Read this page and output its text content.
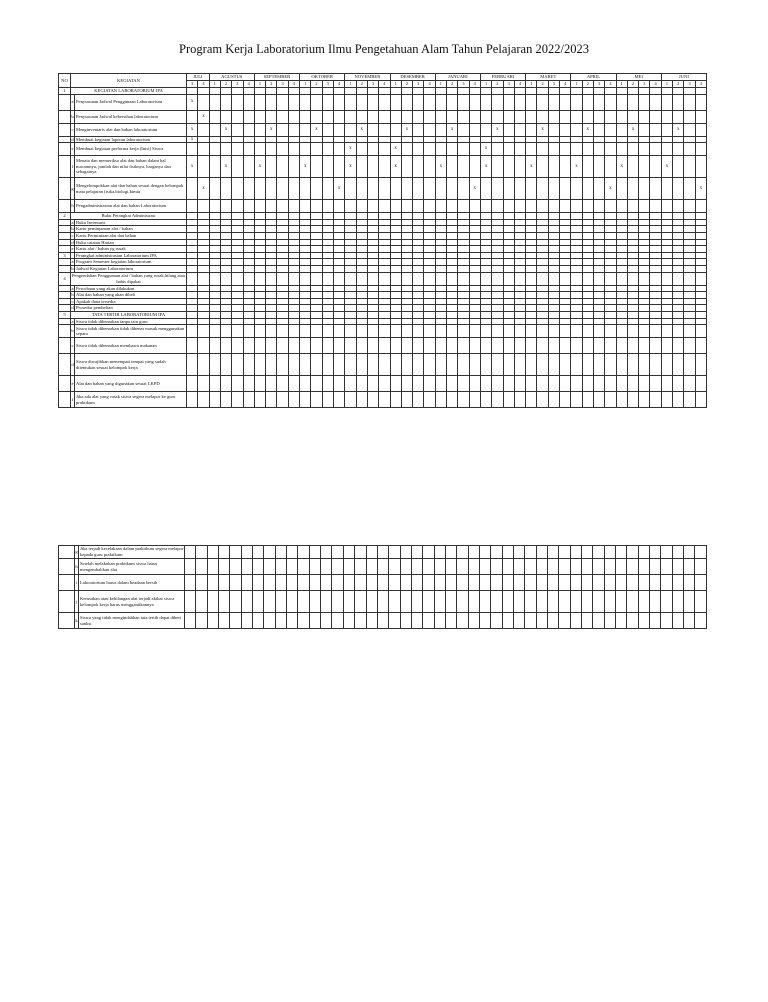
Program Kerja Laboratorium Ilmu Pengetahuan Alam Tahun Pelajaran 2022/2023
NO	KEGIATAN		JULI		AGUSTUS				SEPTEMBER				OKTOBER				NOVEMBER				DESEMBER				JANUARI				FEBRUARI				MARET				APRIL				MEI				JUNI			
			3	4	1	2	3	4	1	2	3	4	1	2	3	4	1	2	3	4	1	2	3	4	1	2	3	4	1	2	3	4	1	2	3	4	1	2	3	4	1	2	3	4	1	2	3	4
1	KEGIATAN LABORATORIUM IPA																																															
	a	Penyusunan Jadwal Penggunaan Laboratorium	x																																													
	b	Penyusunan Jadwal kebersihan laboratorium		x																																												
	c	Menginventaris alat dan bahan laboratorium	x			x				x				x				x				x				x				x				x				x				x				x		
	d	Membuat kegiatan laporan laboratorium	x																																													
	e	Membuat kegiatan performa kerja (Inisi) Siswa															x				x								x																			
	f	Menata dan memeriksa alat dan bahan dalam hal macamnya, jumlah dan nilai fisiknya, harganya dan sebagainya	x			x			x				x				x				x				x				x				x				x				x				x			
	g	Mengelompokkan alat dan bahan sesuai dengan kelompok mata pelajaran fisika,biologi,kimia		x												x												x												x								x
	h	Pengadministrasian alat dan bahan Laboratorium																																														
2	Buku Perangkat Administrasi																																															
	a	Buku Inventaris																																														
	b	Kartu peminjaman alat / bahan																																														
	c	Kartu Permintaan alat dan bahan																																														
	d	Buku catatan Harian																																														
	e	Kartu alat / bahan yg rusak																																														
3		Perangkat administrasian Laboratorium IPA																																														
	a	Program Semester kegiatan laboratorium																																														
	b	Jadwal Kegiatan Laboratorium																																														
4	Pengendalian Penggunaan alat / bahan yang rusak,hilang atau habis dipakai																																															
	a	Percobaan yang akan dilakukan																																														
	b	Alat dan bahan yang akan dibeli																																														
	c	Apakah dana tersedia																																														
	d	Prosedur pembelian																																														
5	TATA TERTIB LABORATORIUM IPA																																															
	a	Siswa tidak dibenarkan tanpa izin guru																																														
	b	Siswa tidak dibenarkan tidak dibenar masuk menggunakan sepatu																																														
	c	Siswa tidak dibenarkan membawa makanan																																														
	d	Siswa diwajibkan menempati tempat yang sudah ditentukan sesuai kelompok kerja																																														
	e	Alat dan bahan yang digunakan sesuai LKPD																																														
	f	Jika ada alat yang rusak siswa segera melapor ke guru praktikum																																														
	g	Jika terjadi kecelakaan dalam praktikum segera melapor kepada guru praktikum																																														
	h	Setelah melakukan praktikum siswa harus mengembalikan alat																																														
	i	Laboratorium harus dalam keadaan bersih																																														
	j	Kerusakan atau kehilangan alat terjadi akibat siswa kelompok kerja harus menggantikannya																																														
	k	Siswa yang tidak mengindahkan tata tertib dapat diberi sanksi																																														
